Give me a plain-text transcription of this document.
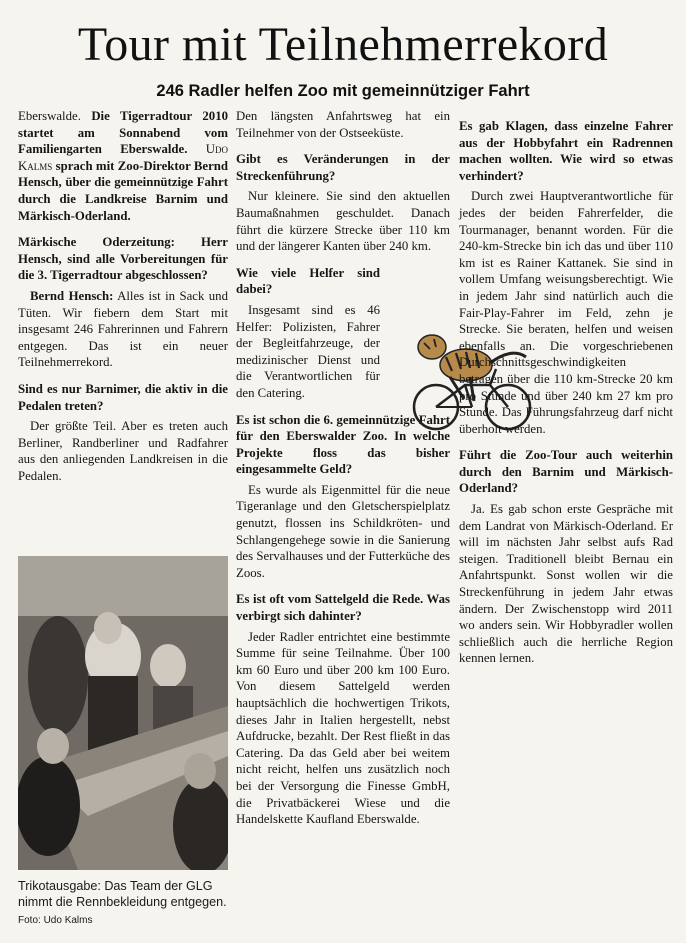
Tour mit Teilnehmerrekord
246 Radler helfen Zoo mit gemeinnütziger Fahrt

Eberswalde. Die Tigerradtour 2010 startet am Sonnabend vom Familiengarten Eberswalde. Udo Kalms sprach mit Zoo-Direktor Bernd Hensch, über die gemeinnützige Fahrt durch die Landkreise Barnim und Märkisch-Oderland.

Märkische Oderzeitung: Herr Hensch, sind alle Vorbereitungen für die 3. Tigerradtour abgeschlossen?

Bernd Hensch: Alles ist in Sack und Tüten. Wir fiebern dem Start mit insgesamt 246 Fahrerinnen und Fahrern entgegen. Das ist ein neuer Teilnehmerrekord.

Sind es nur Barnimer, die aktiv in die Pedalen treten?

Der größte Teil. Aber es treten auch Berliner, Randberliner und Radfahrer aus den anliegenden Landkreisen in die Pedalen.

Trikotausgabe: Das Team der GLG nimmt die Rennbekleidung entgegen. Foto: Udo Kalms

Den längsten Anfahrtsweg hat ein Teilnehmer von der Ostseeküste.

Gibt es Veränderungen in der Streckenführung?

Nur kleinere. Sie sind den aktuellen Baumaßnahmen geschuldet. Danach führt die kürzere Strecke über 110 km und der längerer Kanten über 240 km.

Wie viele Helfer sind dabei?

Insgesamt sind es 46 Helfer: Polizisten, Fahrer der Begleitfahrzeuge, der medizinischer Dienst und die Verantwortlichen für den Catering.

Es ist schon die 6. gemeinnützige Fahrt für den Eberswalder Zoo. In welche Projekte floss das bisher eingesammelte Geld?

Es wurde als Eigenmittel für die neue Tigeranlage und den Gletscherspielplatz genutzt, flossen ins Schildkröten- und Schlangengehege sowie in die Sanierung des Servalhauses und der Futterküche des Zoos.

Es ist oft vom Sattelgeld die Rede. Was verbirgt sich dahinter?

Jeder Radler entrichtet eine bestimmte Summe für seine Teilnahme. Über 100 km 60 Euro und über 200 km 100 Euro. Von diesem Sattelgeld werden hauptsächlich die hochwertigen Trikots, dieses Jahr in Italien hergestellt, nebst Aufdrucke, bezahlt. Der Rest fließt in das Catering. Da das Geld aber bei weitem nicht reicht, helfen uns zusätzlich noch bei der Versorgung die Finesse GmbH, die Privatbäckerei Wiese und die Handelskette Kaufland Eberswalde.

Es gab Klagen, dass einzelne Fahrer aus der Hobbyfahrt ein Radrennen machen wollten. Wie wird so etwas verhindert?

Durch zwei Hauptverantwortliche für jedes der beiden Fahrerfelder, die Tourmanager, benannt worden. Für die 240-km-Strecke bin ich das und über 110 km ist es Rainer Kattanek. Sie sind in vollem Umfang weisungsberechtigt. Wie in jedem Jahr sind natürlich auch die Fair-Play-Fahrer im Feld, zehn je Strecke. Sie beraten, helfen und weisen ebenfalls an. Die vorgeschriebenen Durchschnittsgeschwindigkeiten betragen über die 110 km-Strecke 20 km pro Stunde und über 240 km 27 km pro Stunde. Das Führungsfahrzeug darf nicht überholt werden.

Führt die Zoo-Tour auch weiterhin durch den Barnim und Märkisch-Oderland?

Ja. Es gab schon erste Gespräche mit dem Landrat von Märkisch-Oderland. Er will im nächsten Jahr selbst aufs Rad steigen. Traditionell bleibt Bernau ein Anfahrtspunkt. Sonst wollen wir die Streckenführung in jedem Jahr etwas ändern. Der Zwischenstopp wird 2011 wo anders sein. Wir Hobbyradler wollen schließlich auch die herrliche Region kennen lernen.
